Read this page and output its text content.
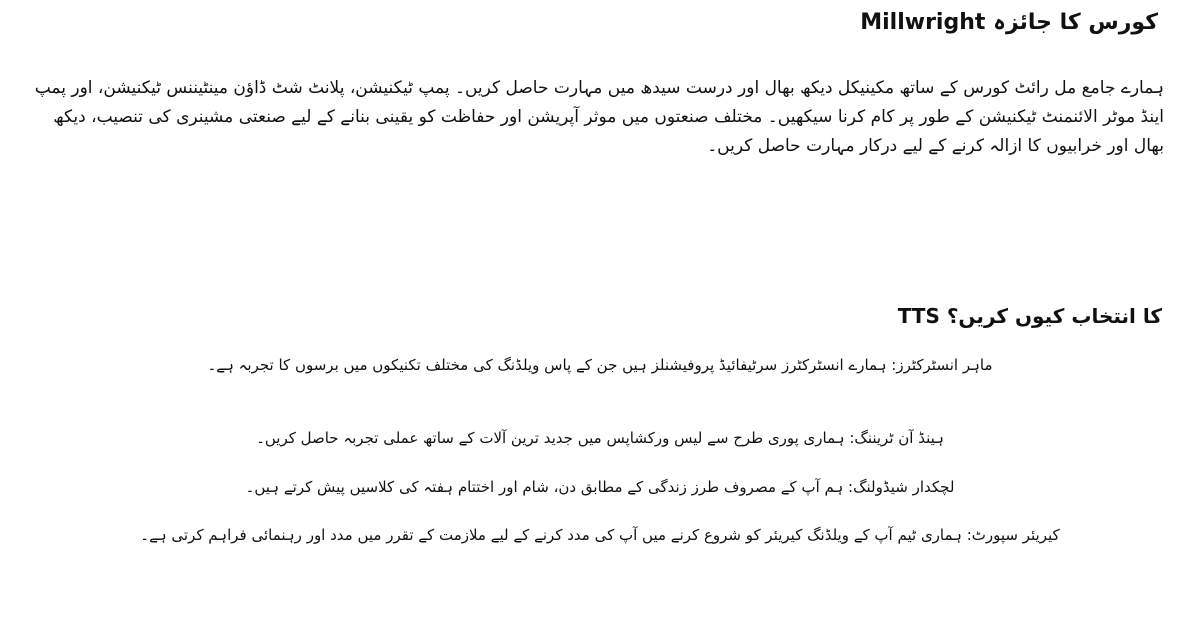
Millwright کورس کا جائزہ

ہمارے جامع مل رائٹ کورس کے ساتھ مکینیکل دیکھ بھال اور درست سیدھ میں مہارت حاصل کریں۔ پمپ ٹیکنیشن، پلانٹ شٹ ڈاؤن مینٹیننس ٹیکنیشن، اور پمپ اینڈ موٹر الائنمنٹ ٹیکنیشن کے طور پر کام کرنا سیکھیں۔ مختلف صنعتوں میں موثر آپریشن اور حفاظت کو یقینی بنانے کے لیے صنعتی مشینری کی تنصیب، دیکھ بھال اور خرابیوں کا ازالہ کرنے کے لیے درکار مہارت حاصل کریں۔

TTS کا انتخاب کیوں کریں؟
ماہر انسٹرکٹرز: ہمارے انسٹرکٹرز سرٹیفائیڈ پروفیشنلز ہیں جن کے پاس ویلڈنگ کی مختلف تکنیکوں میں برسوں کا تجربہ ہے۔
ہینڈ آن ٹریننگ: ہماری پوری طرح سے لیس ورکشاپس میں جدید ترین آلات کے ساتھ عملی تجربہ حاصل کریں۔
لچکدار شیڈولنگ: ہم آپ کے مصروف طرز زندگی کے مطابق دن، شام اور اختتام ہفتہ کی کلاسیں پیش کرتے ہیں۔
کیریئر سپورٹ: ہماری ٹیم آپ کے ویلڈنگ کیریئر کو شروع کرنے میں آپ کی مدد کرنے کے لیے ملازمت کے تقرر میں مدد اور رہنمائی فراہم کرتی ہے۔
